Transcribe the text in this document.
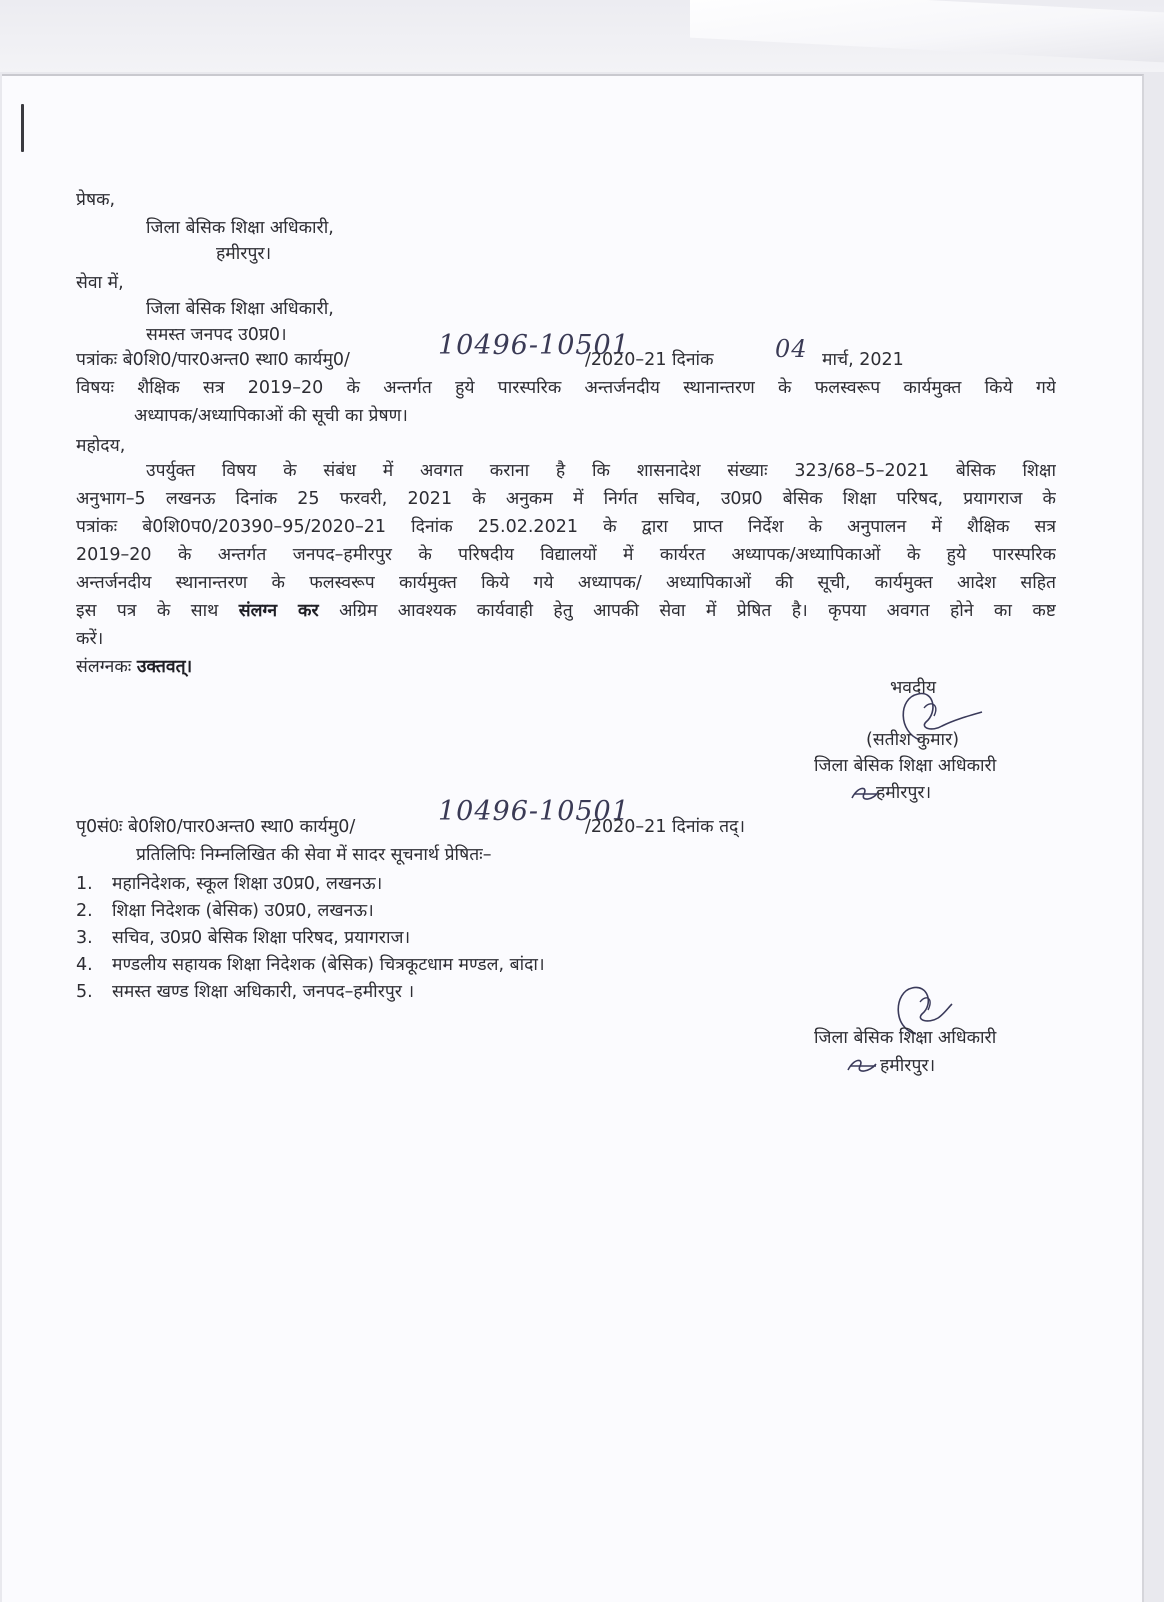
प्रेषक,
जिला बेसिक शिक्षा अधिकारी,
हमीरपुर।
सेवा में,
जिला बेसिक शिक्षा अधिकारी,
समस्त जनपद उ0प्र0।
पत्रांकः बे0शि0/पार0अन्त0 स्था0 कार्यमु0/	10496-10501
/2020–21 दिनांक	04 मार्च, 2021
विषयः शैक्षिक सत्र 2019–20 के अन्तर्गत हुये पारस्परिक अन्तर्जनदीय स्थानान्तरण के फलस्वरूप कार्यमुक्त किये गये
अध्यापक/अध्यापिकाओं की सूची का प्रेषण।
महोदय,
उपर्युक्त विषय के संबंध में अवगत कराना है कि शासनादेश संख्याः 323/68–5–2021 बेसिक शिक्षा
अनुभाग–5 लखनऊ दिनांक 25 फरवरी, 2021 के अनुकम में निर्गत सचिव, उ0प्र0 बेसिक शिक्षा परिषद, प्रयागराज के
पत्रांकः बे0शि0प0/20390–95/2020–21 दिनांक 25.02.2021 के द्वारा प्राप्त निर्देश के अनुपालन में शैक्षिक सत्र
2019–20 के अन्तर्गत जनपद–हमीरपुर के परिषदीय विद्यालयों में कार्यरत अध्यापक/अध्यापिकाओं के हुये पारस्परिक
अन्तर्जनदीय स्थानान्तरण के फलस्वरूप कार्यमुक्त किये गये अध्यापक/ अध्यापिकाओं की सूची, कार्यमुक्त आदेश सहित
इस पत्र के साथ संलग्न कर अग्रिम आवश्यक कार्यवाही हेतु आपकी सेवा में प्रेषित है। कृपया अवगत होने का कष्ट
करें।
संलग्नकः उक्तवत्।
भवदीय
(सतीश कुमार)
जिला बेसिक शिक्षा अधिकारी
हमीरपुर।
पृ0सं0ः बे0शि0/पार0अन्त0 स्था0 कार्यमु0/	10496-10501
/2020–21 दिनांक तद्।
प्रतिलिपिः निम्नलिखित की सेवा में सादर सूचनार्थ प्रेषितः–
1. महानिदेशक, स्कूल शिक्षा उ0प्र0, लखनऊ।
2. शिक्षा निदेशक (बेसिक) उ0प्र0, लखनऊ।
3. सचिव, उ0प्र0 बेसिक शिक्षा परिषद, प्रयागराज।
4. मण्डलीय सहायक शिक्षा निदेशक (बेसिक) चित्रकूटधाम मण्डल, बांदा।
5. समस्त खण्ड शिक्षा अधिकारी, जनपद–हमीरपुर ।
जिला बेसिक शिक्षा अधिकारी
हमीरपुर।
